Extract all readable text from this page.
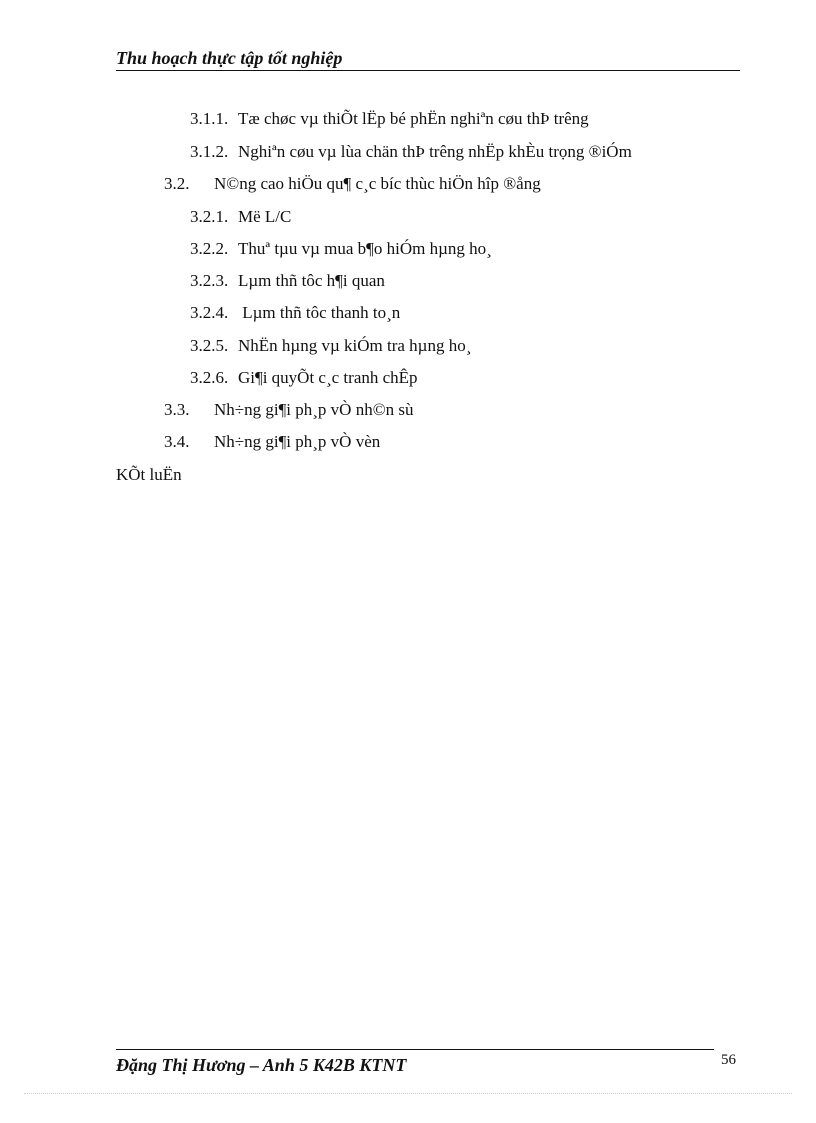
Thu hoạch thực tập tốt nghiệp
3.1.1. Tæ chøc vµ thiÕt lËp bé phËn nghiªn cøu thÞ trêng
3.1.2. Nghiªn cøu vµ lùa chän thÞ trêng nhËp khÈu trọng ®iÓm
3.2. N©ng cao hiÖu qu¶ c¸c bíc thùc hiÖn hîp ®ång
3.2.1. Më L/C
3.2.2. Thuª tµu vµ mua b¶o hiÓm hµng ho¸
3.2.3. Lµm thñ tôc h¶i quan
3.2.4. Lµm thñ tôc thanh to¸n
3.2.5. NhËn hµng vµ kiÓm tra hµng ho¸
3.2.6. Gi¶i quyÕt c¸c tranh chÊp
3.3. Nh÷ng gi¶i ph¸p vÒ nh©n sù
3.4. Nh÷ng gi¶i ph¸p vÒ vèn
KÕt luËn
Đặng Thị Hương – Anh 5 K42B KTNT	56
